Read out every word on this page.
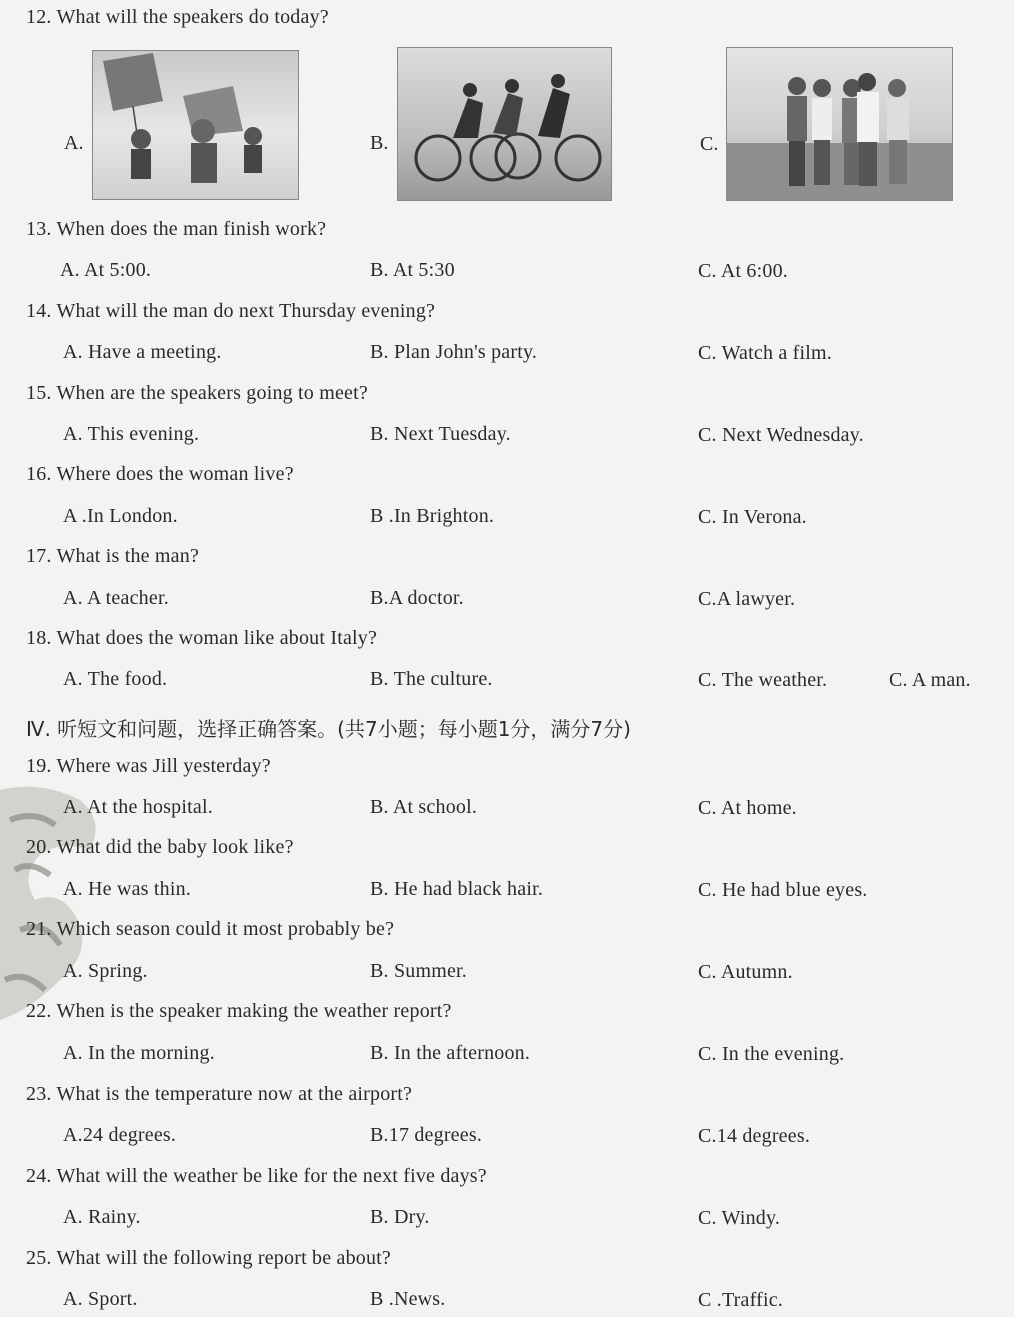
12. What will the speakers do today?
A.	B.	C.
13. When does the man finish work?
A. At 5:00.	B. At 5:30	C. At 6:00.
14. What will the man do next Thursday evening?
A. Have a meeting.	B. Plan John's party.	C. Watch a film.
15. When are the speakers going to meet?
A. This evening.	B. Next Tuesday.	C. Next Wednesday.
16. Where does the woman live?
A .In London.	B .In Brighton.	C. In Verona.
17. What is the man?
A. A teacher.	B.A doctor.	C.A lawyer.
18. What does the woman like about Italy?
A. The food.	B. The culture.	C. The weather.	C. A man.
Ⅳ. 听短文和问题，选择正确答案。(共7小题；每小题1分，满分7分)
19. Where was Jill yesterday?
A. At the hospital.	B. At school.	C. At home.
20. What did the baby look like?
A. He was thin.	B. He had black hair.	C. He had blue eyes.
21. Which season could it most probably be?
A. Spring.	B. Summer.	C. Autumn.
22. When is the speaker making the weather report?
A. In the morning.	B. In the afternoon.	C. In the evening.
23. What is the temperature now at the airport?
A.24 degrees.	B.17 degrees.	C.14 degrees.
24. What will the weather be like for the next five days?
A. Rainy.	B. Dry.	C. Windy.
25. What will the following report be about?
A. Sport.	B .News.	C .Traffic.
